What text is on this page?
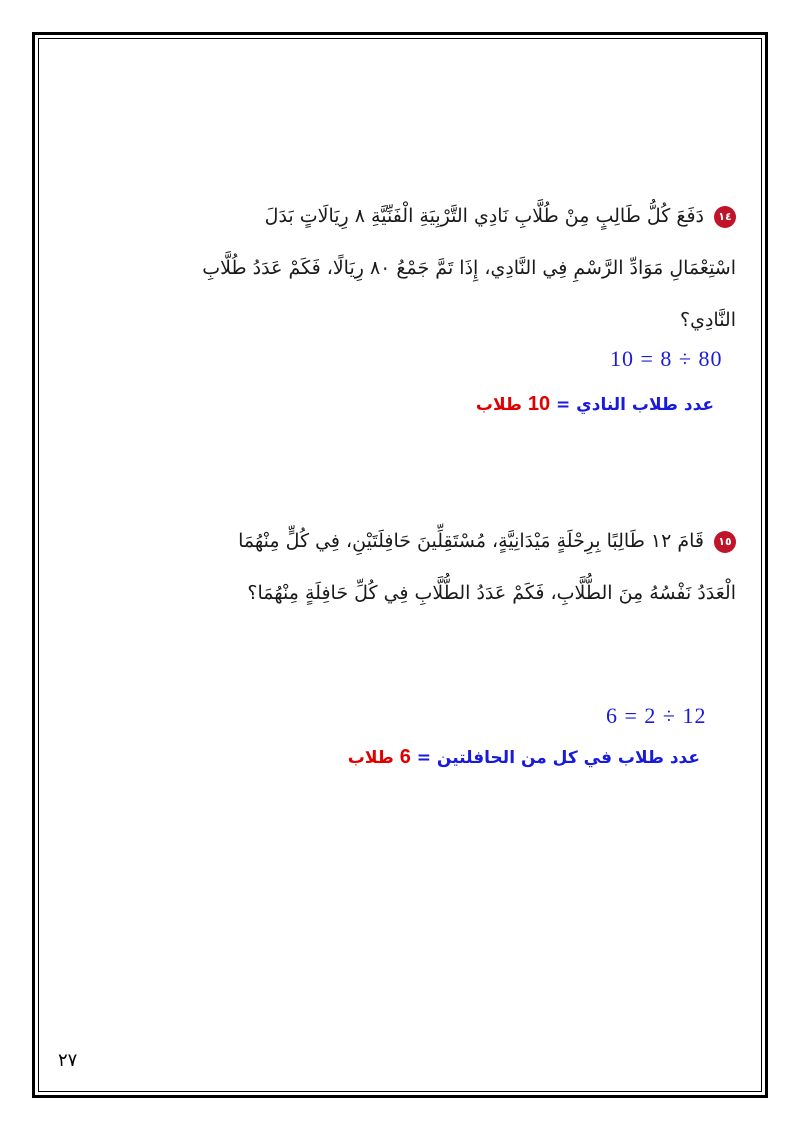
١٤دَفَعَ كُلُّ طَالِبٍ مِنْ طُلَّابِ نَادِي التَّرْبِيَةِ الْفَنِّيَّةِ ٨ رِيَالَاتٍ بَدَلَ اسْتِعْمَالِ مَوَادِّ الرَّسْمِ فِي النَّادِي، إِذَا تَمَّ جَمْعُ ٨٠ رِيَالًا، فَكَمْ عَدَدُ طُلَّابِ النَّادِي؟
10 = 8 ÷ 80
عدد طلاب النادي = 10 طلاب
١٥قَامَ ١٢ طَالِبًا بِرِحْلَةٍ مَيْدَانِيَّةٍ، مُسْتَقِلِّينَ حَافِلَتَيْنِ، فِي كُلٍّ مِنْهُمَا الْعَدَدُ نَفْسُهُ مِنَ الطُّلَّابِ، فَكَمْ عَدَدُ الطُّلَّابِ فِي كُلِّ حَافِلَةٍ مِنْهُمَا؟
6 = 2 ÷ 12
عدد طلاب في كل من الحافلتين = 6 طلاب
٢٧
